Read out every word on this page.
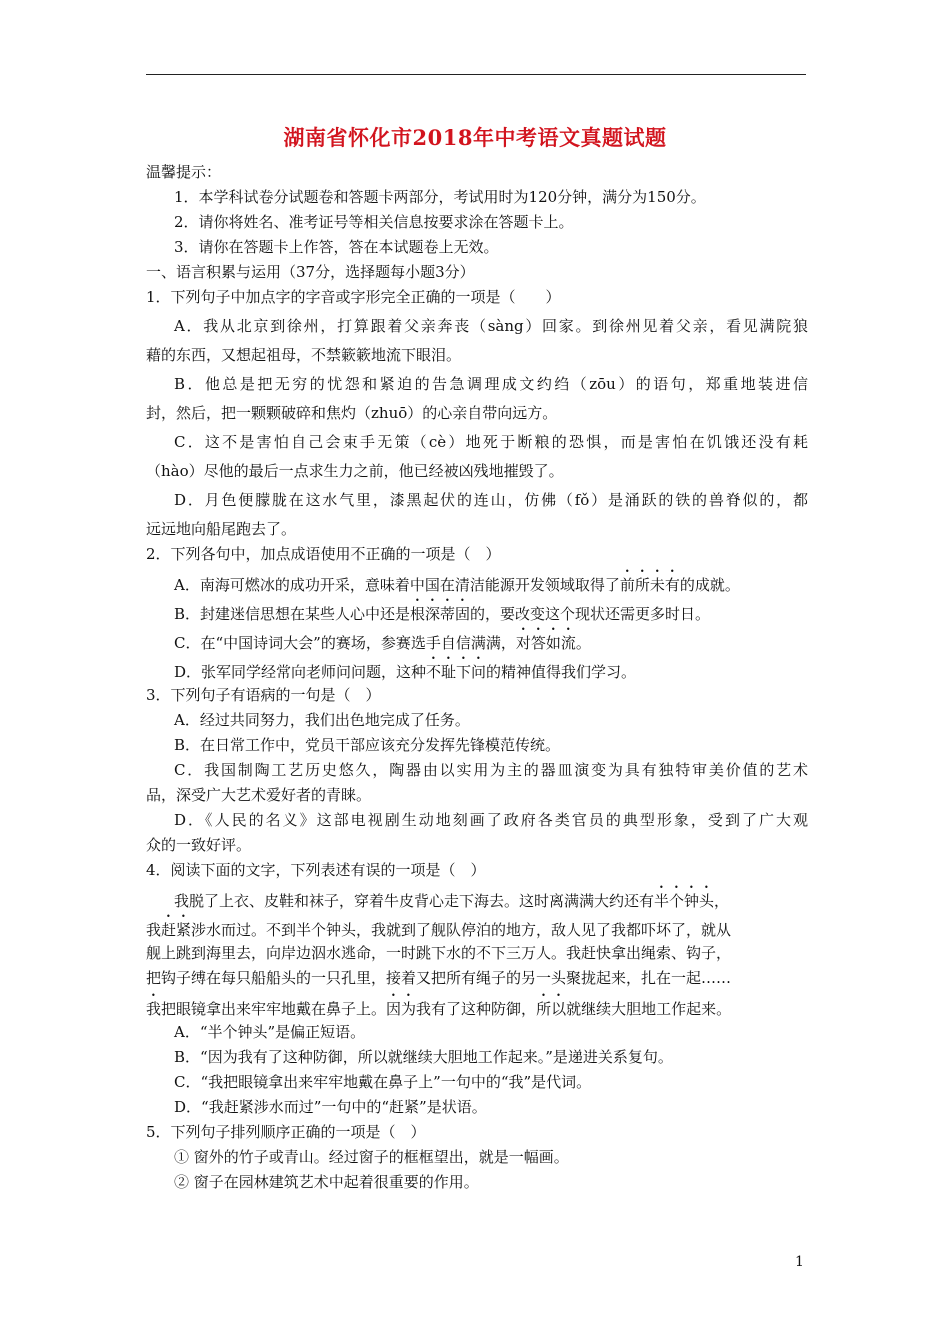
湖南省怀化市2018年中考语文真题试题
温馨提示：
1．本学科试卷分试题卷和答题卡两部分，考试用时为120分钟，满分为150分。
2．请你将姓名、准考证号等相关信息按要求涂在答题卡上。
3．请你在答题卡上作答，答在本试题卷上无效。
一、语言积累与运用（37分，选择题每小题3分）
1．下列句子中加点字的字音或字形完全正确的一项是（　　）
A．我从北京到徐州，打算跟着父亲奔丧（sàng）回家。到徐州见着父亲，看见满院狼
藉的东西，又想起祖母，不禁簌簌地流下眼泪。
B．他总是把无穷的忧怨和紧迫的告急调理成文约绉（zōu）的语句，郑重地装进信
封，然后，把一颗颗破碎和焦灼（zhuō）的心亲自带向远方。
C．这不是害怕自己会束手无策（cè）地死于断粮的恐惧，而是害怕在饥饿还没有耗
（hào）尽他的最后一点求生力之前，他已经被凶残地摧毁了。
D．月色便朦胧在这水气里，漆黑起伏的连山，仿佛（fǒ）是涌跃的铁的兽脊似的，都
远远地向船尾跑去了。
2．下列各句中，加点成语使用不正确的一项是（　）
A．南海可燃冰的成功开采，意味着中国在清洁能源开发领域取得了前所未有的成就。
B．封建迷信思想在某些人心中还是根深蒂固的，要改变这个现状还需更多时日。
C．在“中国诗词大会”的赛场，参赛选手自信满满，对答如流。
D．张军同学经常向老师问问题，这种不耻下问的精神值得我们学习。
3．下列句子有语病的一句是（　）
A．经过共同努力，我们出色地完成了任务。
B．在日常工作中，党员干部应该充分发挥先锋模范传统。
C．我国制陶工艺历史悠久，陶器由以实用为主的器皿演变为具有独特审美价值的艺术
品，深受广大艺术爱好者的青睐。
D．《人民的名义》这部电视剧生动地刻画了政府各类官员的典型形象，受到了广大观
众的一致好评。
4．阅读下面的文字，下列表述有误的一项是（　）
我脱了上衣、皮鞋和袜子，穿着牛皮背心走下海去。这时离满满大约还有半个钟头，
我赶紧涉水而过。不到半个钟头，我就到了舰队停泊的地方，敌人见了我都吓坏了，就从
舰上跳到海里去，向岸边泅水逃命，一时跳下水的不下三万人。我赶快拿出绳索、钩子，
把钩子缚在每只船船头的一只孔里，接着又把所有绳子的另一头聚拢起来，扎在一起……
我把眼镜拿出来牢牢地戴在鼻子上。因为我有了这种防御，所以就继续大胆地工作起来。
A．“半个钟头”是偏正短语。
B．“因为我有了这种防御，所以就继续大胆地工作起来。”是递进关系复句。
C．“我把眼镜拿出来牢牢地戴在鼻子上”一句中的“我”是代词。
D．“我赶紧涉水而过”一句中的“赶紧”是状语。
5．下列句子排列顺序正确的一项是（　）
① 窗外的竹子或青山。经过窗子的框框望出，就是一幅画。
② 窗子在园林建筑艺术中起着很重要的作用。
1
